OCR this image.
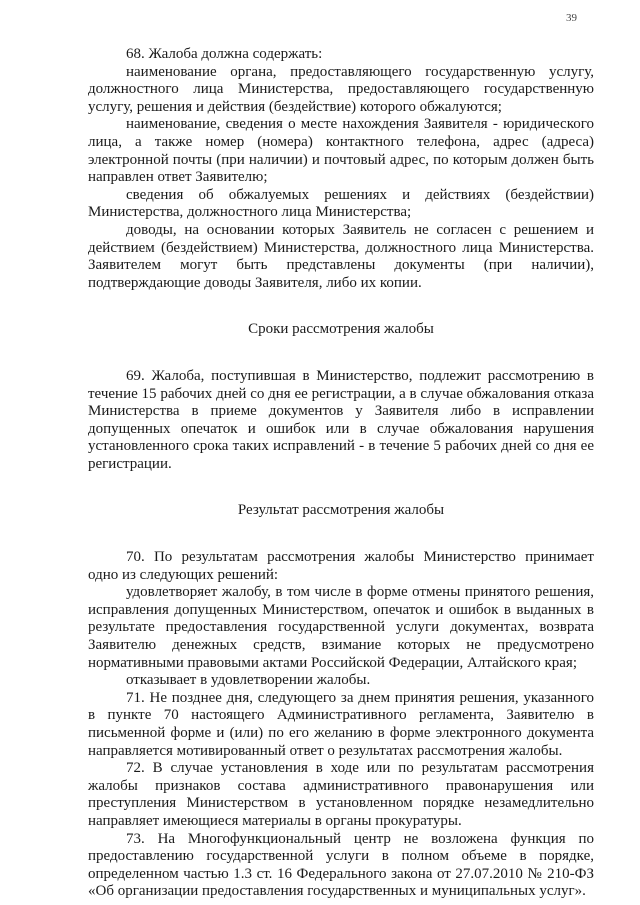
39

68. Жалоба должна содержать:

наименование органа, предоставляющего государственную услугу, должностного лица Министерства, предоставляющего государственную услугу, решения и действия (бездействие) которого обжалуются;

наименование, сведения о месте нахождения Заявителя - юридического лица, а также номер (номера) контактного телефона, адрес (адреса) электронной почты (при наличии) и почтовый адрес, по которым должен быть направлен ответ Заявителю;

сведения об обжалуемых решениях и действиях (бездействии) Министерства, должностного лица Министерства;

доводы, на основании которых Заявитель не согласен с решением и действием (бездействием) Министерства, должностного лица Министерства. Заявителем могут быть представлены документы (при наличии), подтверждающие доводы Заявителя, либо их копии.

Сроки рассмотрения жалобы

69. Жалоба, поступившая в Министерство, подлежит рассмотрению в течение 15 рабочих дней со дня ее регистрации, а в случае обжалования отказа Министерства в приеме документов у Заявителя либо в исправлении допущенных опечаток и ошибок или в случае обжалования нарушения установленного срока таких исправлений - в течение 5 рабочих дней со дня ее регистрации.

Результат рассмотрения жалобы

70. По результатам рассмотрения жалобы Министерство принимает одно из следующих решений:

удовлетворяет жалобу, в том числе в форме отмены принятого решения, исправления допущенных Министерством, опечаток и ошибок в выданных в результате предоставления государственной услуги документах, возврата Заявителю денежных средств, взимание которых не предусмотрено нормативными правовыми актами Российской Федерации, Алтайского края;

отказывает в удовлетворении жалобы.

71. Не позднее дня, следующего за днем принятия решения, указанного в пункте 70 настоящего Административного регламента, Заявителю в письменной форме и (или) по его желанию в форме электронного документа направляется мотивированный ответ о результатах рассмотрения жалобы.

72. В случае установления в ходе или по результатам рассмотрения жалобы признаков состава административного правонарушения или преступления Министерством в установленном порядке незамедлительно направляет имеющиеся материалы в органы прокуратуры.

73. На Многофункциональный центр не возложена функция по предоставлению государственной услуги в полном объеме в порядке, определенном частью 1.3 ст. 16 Федерального закона от 27.07.2010 № 210-ФЗ «Об организации предоставления государственных и муниципальных услуг».
